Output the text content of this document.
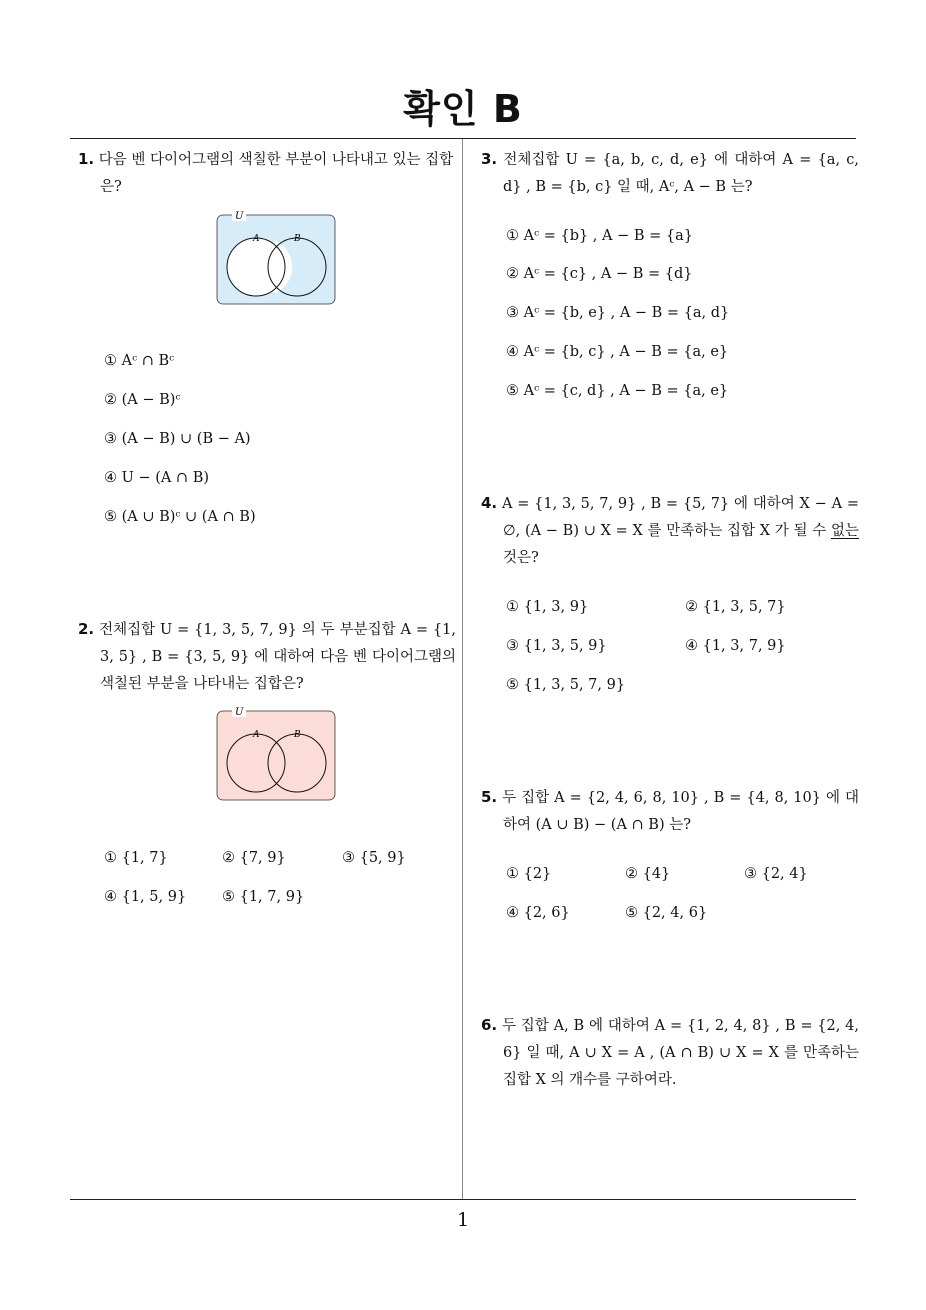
확인 B
1
1. 다음 벤 다이어그램의 색칠한 부분이 나타내고 있는 집합은?
U
A	B
① Aᶜ ∩ Bᶜ
② (A − B)ᶜ
③ (A − B) ∪ (B − A)
④ U − (A ∩ B)
⑤ (A ∪ B)ᶜ ∪ (A ∩ B)
2. 전체집합 U = {1, 3, 5, 7, 9} 의 두 부분집합 A = {1, 3, 5} , B = {3, 5, 9} 에 대하여 다음 벤 다이어그램의 색칠된 부분을 나타내는 집합은?
U
A	B
① {1, 7}	② {7, 9}	③ {5, 9}
④ {1, 5, 9} ⑤ {1, 7, 9}
3. 전체집합 U = {a, b, c, d, e} 에 대하여 A = {a, c, d} , B = {b, c} 일 때, Aᶜ, A − B 는?
① Aᶜ = {b} , A − B = {a}
② Aᶜ = {c} , A − B = {d}
③ Aᶜ = {b, e} , A − B = {a, d}
④ Aᶜ = {b, c} , A − B = {a, e}
⑤ Aᶜ = {c, d} , A − B = {a, e}
4. A = {1, 3, 5, 7, 9} , B = {5, 7} 에 대하여 X − A = ∅, (A − B) ∪ X = X 를 만족하는 집합 X 가 될 수 없는 것은?
① {1, 3, 9}	② {1, 3, 5, 7}
③ {1, 3, 5, 9}	④ {1, 3, 7, 9}
⑤ {1, 3, 5, 7, 9}
5. 두 집합 A = {2, 4, 6, 8, 10} , B = {4, 8, 10} 에 대하여 (A ∪ B) − (A ∩ B) 는?
① {2}	② {4}	③ {2, 4}
④ {2, 6}	⑤ {2, 4, 6}
6. 두 집합 A, B 에 대하여 A = {1, 2, 4, 8} , B = {2, 4, 6} 일 때, A ∪ X = A , (A ∩ B) ∪ X = X 를 만족하는 집합 X 의 개수를 구하여라.
